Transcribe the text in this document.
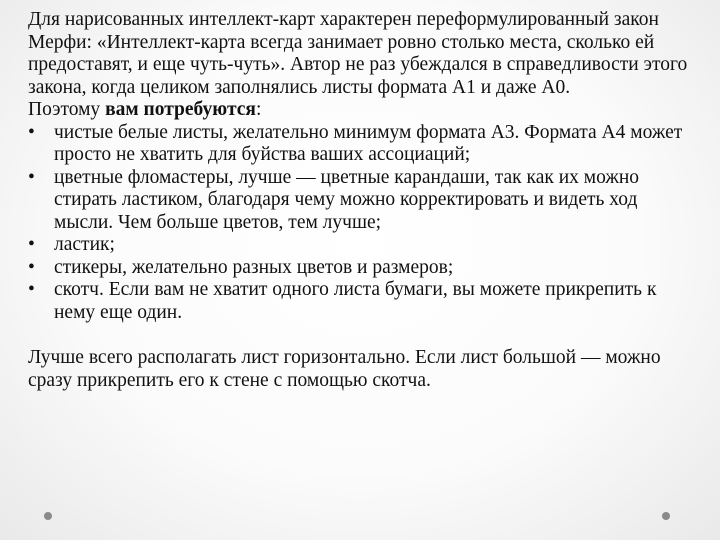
Для нарисованных интеллект-карт характерен переформулированный закон Мерфи: «Интеллект-карта всегда занимает ровно столько места, сколько ей предоставят, и еще чуть-чуть». Автор не раз убеждался в справедливости этого закона, когда целиком заполнялись листы формата А1 и даже А0.

Поэтому вам потребуются:

• чистые белые листы, желательно минимум формата А3. Формата А4 может просто не хватить для буйства ваших ассоциаций;
• цветные фломастеры, лучше — цветные карандаши, так как их можно стирать ластиком, благодаря чему можно корректировать и видеть ход мысли. Чем больше цветов, тем лучше;
• ластик;
• стикеры, желательно разных цветов и размеров;
• скотч. Если вам не хватит одного листа бумаги, вы можете прикрепить к нему еще один.

Лучше всего располагать лист горизонтально. Если лист большой — можно сразу прикрепить его к стене с помощью скотча.
